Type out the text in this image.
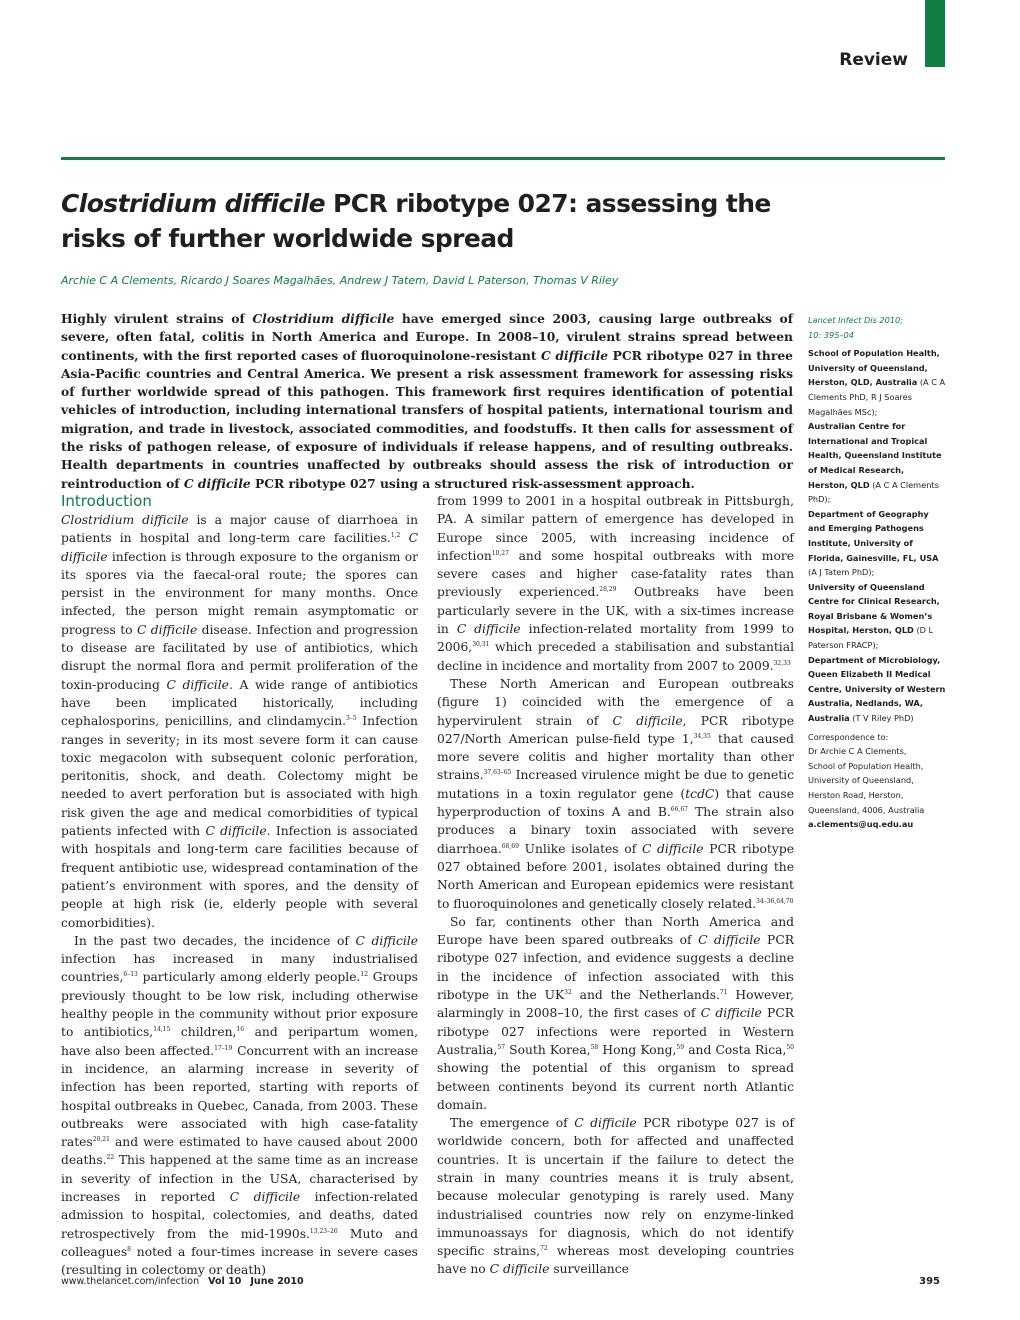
Review
Clostridium difficile PCR ribotype 027: assessing the risks of further worldwide spread

Archie C A Clements, Ricardo J Soares Magalhães, Andrew J Tatem, David L Paterson, Thomas V Riley

Highly virulent strains of Clostridium difficile have emerged since 2003, causing large outbreaks of severe, often fatal, colitis in North America and Europe. In 2008–10, virulent strains spread between continents, with the first reported cases of fluoroquinolone-resistant C difficile PCR ribotype 027 in three Asia-Pacific countries and Central America. We present a risk assessment framework for assessing risks of further worldwide spread of this pathogen. This framework first requires identification of potential vehicles of introduction, including international transfers of hospital patients, international tourism and migration, and trade in livestock, associated commodities, and foodstuffs. It then calls for assessment of the risks of pathogen release, of exposure of individuals if release happens, and of resulting outbreaks. Health departments in countries unaffected by outbreaks should assess the risk of introduction or reintroduction of C difficile PCR ribotype 027 using a structured risk-assessment approach.

Introduction

Clostridium difficile is a major cause of diarrhoea in patients in hospital and long-term care facilities.$^{1,2}$ C difficile infection is through exposure to the organism or its spores via the faecal-oral route; the spores can persist in the environment for many months. Once infected, the person might remain asymptomatic or progress to C difficile disease. Infection and progression to disease are facilitated by use of antibiotics, which disrupt the normal flora and permit proliferation of the toxin-producing C difficile. A wide range of antibiotics have been implicated historically, including cephalosporins, penicillins, and clindamycin.$^{3-5}$ Infection ranges in severity; in its most severe form it can cause toxic megacolon with subsequent colonic perforation, peritonitis, shock, and death. Colectomy might be needed to avert perforation but is associated with high risk given the age and medical comorbidities of typical patients infected with C difficile. Infection is associated with hospitals and long-term care facilities because of frequent antibiotic use, widespread contamination of the patient’s environment with spores, and the density of people at high risk (ie, elderly people with several comorbidities).

In the past two decades, the incidence of C difficile infection has increased in many industrialised countries,$^{6-13}$ particularly among elderly people.$^{12}$ Groups previously thought to be low risk, including otherwise healthy people in the community without prior exposure to antibiotics,$^{14,15}$ children,$^{16}$ and peripartum women, have also been affected.$^{17-19}$ Concurrent with an increase in incidence, an alarming increase in severity of infection has been reported, starting with reports of hospital outbreaks in Quebec, Canada, from 2003. These outbreaks were associated with high case-fatality rates$^{20,21}$ and were estimated to have caused about 2000 deaths.$^{22}$ This happened at the same time as an increase in severity of infection in the USA, characterised by increases in reported C difficile infection-related admission to hospital, colectomies, and deaths, dated retrospectively from the mid-1990s.$^{13,23-26}$ Muto and colleagues$^8$ noted a four-times increase in severe cases (resulting in colectomy or death)

from 1999 to 2001 in a hospital outbreak in Pittsburgh, PA. A similar pattern of emergence has developed in Europe since 2005, with increasing incidence of infection$^{10,27}$ and some hospital outbreaks with more severe cases and higher case-fatality rates than previously experienced.$^{28,29}$ Outbreaks have been particularly severe in the UK, with a six-times increase in C difficile infection-related mortality from 1999 to 2006,$^{30,31}$ which preceded a stabilisation and substantial decline in incidence and mortality from 2007 to 2009.$^{32,33}$

These North American and European outbreaks (figure 1) coincided with the emergence of a hypervirulent strain of C difficile, PCR ribotype 027/North American pulse-field type 1,$^{34,35}$ that caused more severe colitis and higher mortality than other strains.$^{37,63-65}$ Increased virulence might be due to genetic mutations in a toxin regulator gene (tcdC) that cause hyperproduction of toxins A and B.$^{66,67}$ The strain also produces a binary toxin associated with severe diarrhoea.$^{68,69}$ Unlike isolates of C difficile PCR ribotype 027 obtained before 2001, isolates obtained during the North American and European epidemics were resistant to fluoroquinolones and genetically closely related.$^{34-36,64,70}$

So far, continents other than North America and Europe have been spared outbreaks of C difficile PCR ribotype 027 infection, and evidence suggests a decline in the incidence of infection associated with this ribotype in the UK$^{32}$ and the Netherlands.$^{71}$ However, alarmingly in 2008–10, the first cases of C difficile PCR ribotype 027 infections were reported in Western Australia,$^{57}$ South Korea,$^{58}$ Hong Kong,$^{59}$ and Costa Rica,$^{50}$ showing the potential of this organism to spread between continents beyond its current north Atlantic domain.

The emergence of C difficile PCR ribotype 027 is of worldwide concern, both for affected and unaffected countries. It is uncertain if the failure to detect the strain in many countries means it is truly absent, because molecular genotyping is rarely used. Many industrialised countries now rely on enzyme-linked immunoassays for diagnosis, which do not identify specific strains,$^{72}$ whereas most developing countries have no C difficile surveillance

Lancet Infect Dis 2010;
10: 395–04

School of Population Health, University of Queensland, Herston, QLD, Australia (A C A Clements PhD, R J Soares Magalhães MSc);

Australian Centre for International and Tropical Health, Queensland Institute of Medical Research, Herston, QLD (A C A Clements PhD);

Department of Geography and Emerging Pathogens Institute, University of Florida, Gainesville, FL, USA (A J Tatem PhD);

University of Queensland Centre for Clinical Research, Royal Brisbane & Women’s Hospital, Herston, QLD (D L Paterson FRACP);

Department of Microbiology, Queen Elizabeth II Medical Centre, University of Western Australia, Nedlands, WA, Australia (T V Riley PhD)

Correspondence to:

Dr Archie C A Clements,
School of Population Health,
University of Queensland,
Herston Road, Herston,
Queensland, 4006, Australia

a.clements@uq.edu.au

www.thelancet.com/infection Vol 10 June 2010	395
